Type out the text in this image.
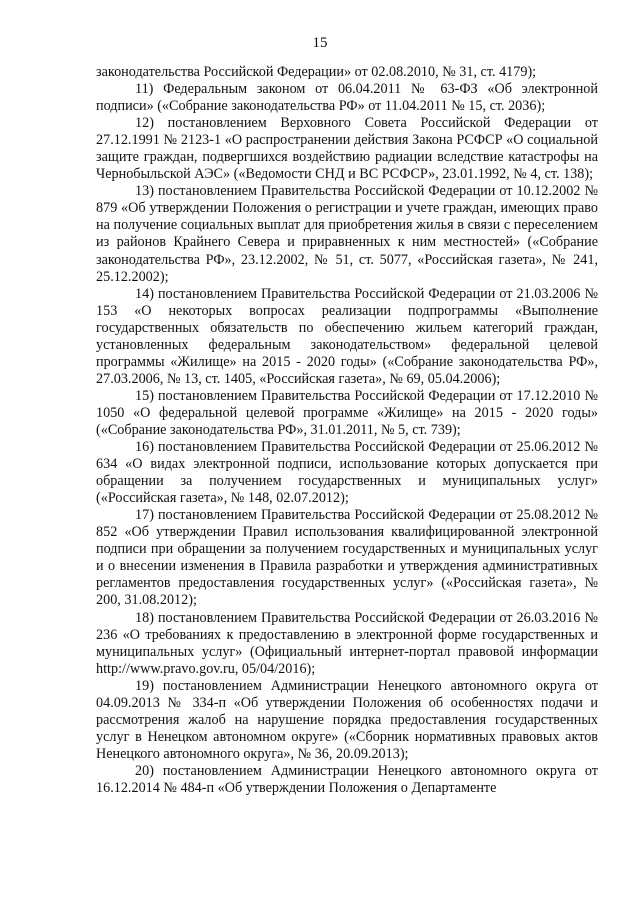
15

законодательства Российской Федерации» от 02.08.2010, № 31, ст. 4179);

11) Федеральным законом от 06.04.2011 № 63-ФЗ «Об электронной подписи» («Собрание законодательства РФ» от 11.04.2011 № 15, ст. 2036);

12) постановлением Верховного Совета Российской Федерации от 27.12.1991 № 2123-1 «О распространении действия Закона РСФСР «О социальной защите граждан, подвергшихся воздействию радиации вследствие катастрофы на Чернобыльской АЭС» («Ведомости СНД и ВС РСФСР», 23.01.1992, № 4, ст. 138);

13) постановлением Правительства Российской Федерации от 10.12.2002 № 879 «Об утверждении Положения о регистрации и учете граждан, имеющих право на получение социальных выплат для приобретения жилья в связи с переселением из районов Крайнего Севера и приравненных к ним местностей» («Собрание законодательства РФ», 23.12.2002, № 51, ст. 5077, «Российская газета», № 241, 25.12.2002);

14) постановлением Правительства Российской Федерации от 21.03.2006 № 153 «О некоторых вопросах реализации подпрограммы «Выполнение государственных обязательств по обеспечению жильем категорий граждан, установленных федеральным законодательством» федеральной целевой программы «Жилище» на 2015 - 2020 годы» («Собрание законодательства РФ», 27.03.2006, № 13, ст. 1405, «Российская газета», № 69, 05.04.2006);

15) постановлением Правительства Российской Федерации от 17.12.2010 № 1050 «О федеральной целевой программе «Жилище» на 2015 - 2020 годы» («Собрание законодательства РФ», 31.01.2011, № 5, ст. 739);

16) постановлением Правительства Российской Федерации от 25.06.2012 № 634 «О видах электронной подписи, использование которых допускается при обращении за получением государственных и муниципальных услуг» («Российская газета», № 148, 02.07.2012);

17) постановлением Правительства Российской Федерации от 25.08.2012 № 852 «Об утверждении Правил использования квалифицированной электронной подписи при обращении за получением государственных и муниципальных услуг и о внесении изменения в Правила разработки и утверждения административных регламентов предоставления государственных услуг» («Российская газета», № 200, 31.08.2012);

18) постановлением Правительства Российской Федерации от 26.03.2016 № 236 «О требованиях к предоставлению в электронной форме государственных и муниципальных услуг» (Официальный интернет-портал правовой информации http://www.pravo.gov.ru, 05/04/2016);

19) постановлением Администрации Ненецкого автономного округа от 04.09.2013 № 334-п «Об утверждении Положения об особенностях подачи и рассмотрения жалоб на нарушение порядка предоставления государственных услуг в Ненецком автономном округе» («Сборник нормативных правовых актов Ненецкого автономного округа», № 36, 20.09.2013);

20) постановлением Администрации Ненецкого автономного округа от 16.12.2014 № 484-п «Об утверждении Положения о Департаменте
